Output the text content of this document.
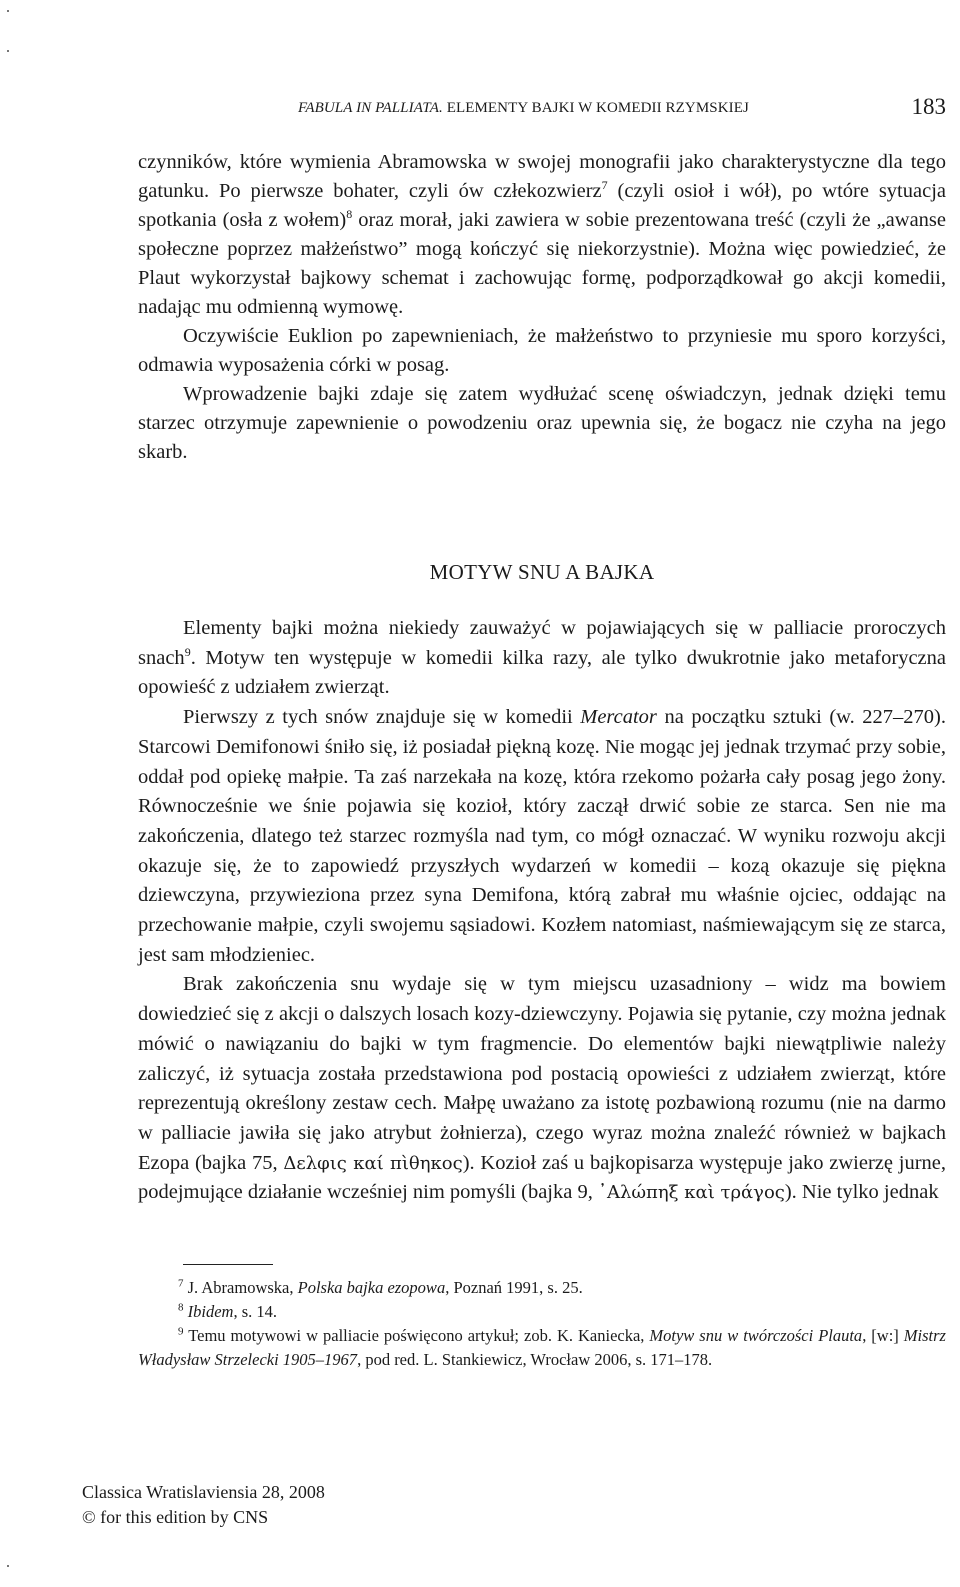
FABULA IN PALLIATA. ELEMENTY BAJKI W KOMEDII RZYMSKIEJ	183

czynników, które wymienia Abramowska w swojej monografii jako charakterystyczne dla tego gatunku. Po pierwsze bohater, czyli ów człekozwierz$^7$ (czyli osioł i wół), po wtóre sytuacja spotkania (osła z wołem)$^8$ oraz morał, jaki zawiera w sobie prezentowana treść (czyli że „awanse społeczne poprzez małżeństwo” mogą kończyć się niekorzystnie). Można więc powiedzieć, że Plaut wykorzystał bajkowy schemat i zachowując formę, podporządkował go akcji komedii, nadając mu odmienną wymowę.

Oczywiście Euklion po zapewnieniach, że małżeństwo to przyniesie mu sporo korzyści, odmawia wyposażenia córki w posag.

Wprowadzenie bajki zdaje się zatem wydłużać scenę oświadczyn, jednak dzięki temu starzec otrzymuje zapewnienie o powodzeniu oraz upewnia się, że bogacz nie czyha na jego skarb.

MOTYW SNU A BAJKA

Elementy bajki można niekiedy zauważyć w pojawiających się w palliacie proroczych snach$^9$. Motyw ten występuje w komedii kilka razy, ale tylko dwukrotnie jako metaforyczna opowieść z udziałem zwierząt.

Pierwszy z tych snów znajduje się w komedii Mercator na początku sztuki (w. 227–270). Starcowi Demifonowi śniło się, iż posiadał piękną kozę. Nie mogąc jej jednak trzymać przy sobie, oddał pod opiekę małpie. Ta zaś narzekała na kozę, która rzekomo pożarła cały posag jego żony. Równocześnie we śnie pojawia się kozioł, który zaczął drwić sobie ze starca. Sen nie ma zakończenia, dlatego też starzec rozmyśla nad tym, co mógł oznaczać. W wyniku rozwoju akcji okazuje się, że to zapowiedź przyszłych wydarzeń w komedii – kozą okazuje się piękna dziewczyna, przywieziona przez syna Demifona, którą zabrał mu właśnie ojciec, oddając na przechowanie małpie, czyli swojemu sąsiadowi. Kozłem natomiast, naśmiewającym się ze starca, jest sam młodzieniec.

Brak zakończenia snu wydaje się w tym miejscu uzasadniony – widz ma bowiem dowiedzieć się z akcji o dalszych losach kozy-dziewczyny. Pojawia się pytanie, czy można jednak mówić o nawiązaniu do bajki w tym fragmencie. Do elementów bajki niewątpliwie należy zaliczyć, iż sytuacja została przedstawiona pod postacią opowieści z udziałem zwierząt, które reprezentują określony zestaw cech. Małpę uważano za istotę pozbawioną rozumu (nie na darmo w palliacie jawiła się jako atrybut żołnierza), czego wyraz można znaleźć również w bajkach Ezopa (bajka 75, Δελφις καί πὶθηκος). Kozioł zaś u bajkopisarza występuje jako zwierzę jurne, podejmujące działanie wcześniej nim pomyśli (bajka 9, ᾿Αλώπηξ καὶ τράγος). Nie tylko jednak

$^7$ J. Abramowska, Polska bajka ezopowa, Poznań 1991, s. 25.

$^8$ Ibidem, s. 14.

$^9$ Temu motywowi w palliacie poświęcono artykuł; zob. K. Kaniecka, Motyw snu w twórczości Plauta, [w:] Mistrz Władysław Strzelecki 1905–1967, pod red. L. Stankiewicz, Wrocław 2006, s. 171–178.

Classica Wratislaviensia 28, 2008
© for this edition by CNS
